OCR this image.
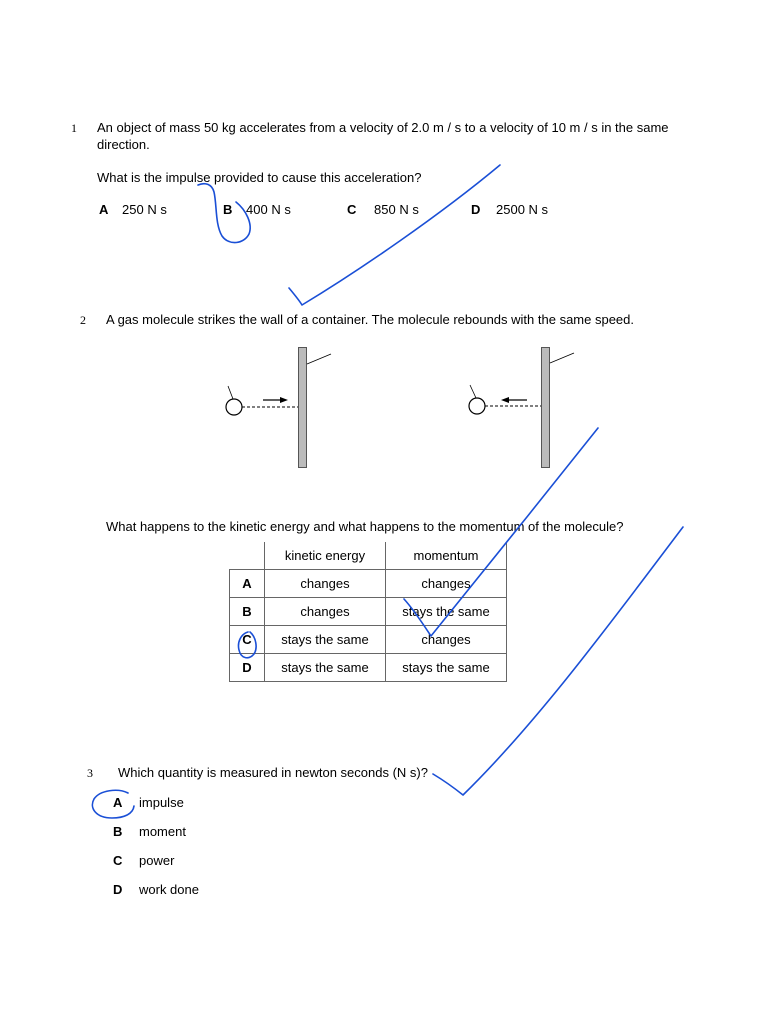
1 An object of mass 50 kg accelerates from a velocity of 2.0 m / s to a velocity of 10 m / s in the same
direction.
What is the impulse provided to cause this acceleration?
A 250 N s	B 400 N s	C 850 N s	D 2500 N s
2 A gas molecule strikes the wall of a container. The molecule rebounds with the same speed.
What happens to the kinetic energy and what happens to the momentum of the molecule?
	kinetic energy	momentum
A	changes	changes
B	changes	stays the same
C	stays the same	changes
D	stays the same	stays the same
3 Which quantity is measured in newton seconds (N s)?
A impulse
B moment
C power
D work done
